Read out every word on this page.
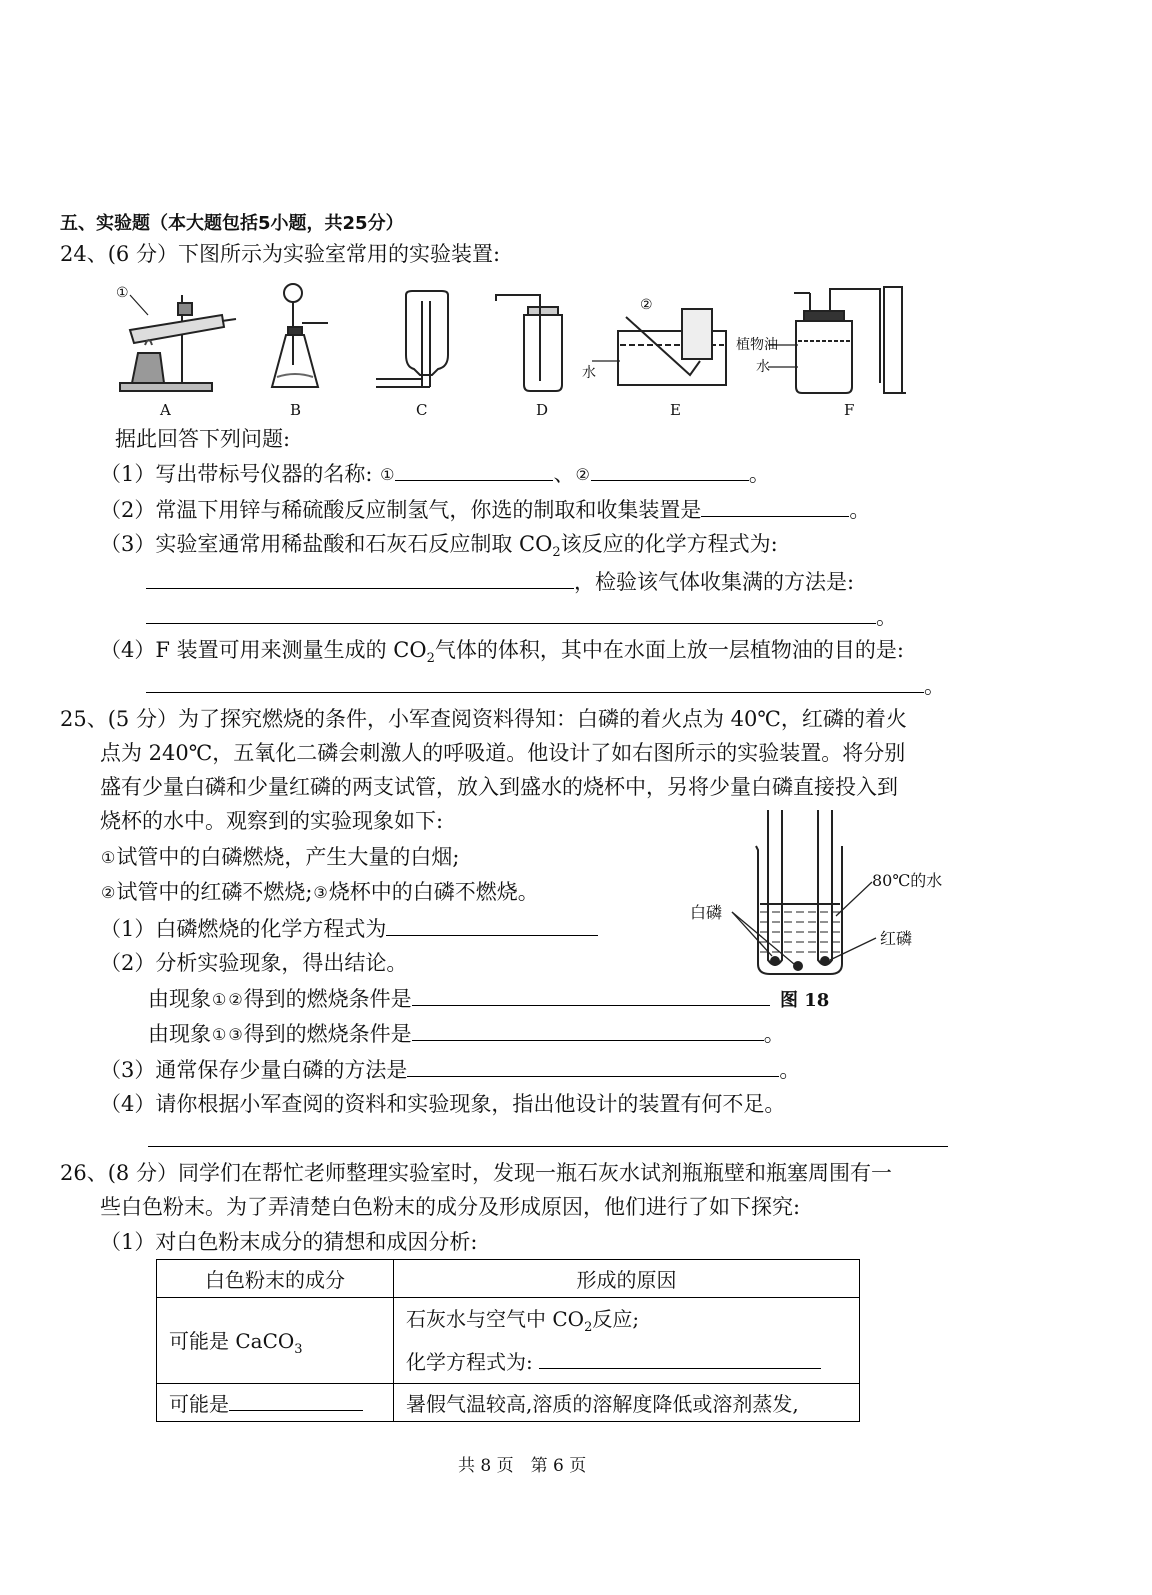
五、实验题（本大题包括5小题，共25分）
24、(6 分）下图所示为实验室常用的实验装置:
①
②
水
植物油
水
A	B	C	D	E	F
据此回答下列问题:
（1）写出带标号仪器的名称: ①	、②	。
（2）常温下用锌与稀硫酸反应制氢气，你选的制取和收集装置是	。
（3）实验室通常用稀盐酸和石灰石反应制取 $CO_2$该反应的化学方程式为:
，检验该气体收集满的方法是:
。
（4）F 装置可用来测量生成的 $CO_2$气体的体积，其中在水面上放一层植物油的目的是:
。
25、(5 分）为了探究燃烧的条件，小军查阅资料得知：白磷的着火点为 40℃，红磷的着火
点为 240℃，五氧化二磷会刺激人的呼吸道。他设计了如右图所示的实验装置。将分别
盛有少量白磷和少量红磷的两支试管，放入到盛水的烧杯中，另将少量白磷直接投入到
烧杯的水中。观察到的实验现象如下:
①试管中的白磷燃烧，产生大量的白烟;
②试管中的红磷不燃烧;③烧杯中的白磷不燃烧。
（1）白磷燃烧的化学方程式为
（2）分析实验现象，得出结论。
由现象① ②得到的燃烧条件是
由现象① ③得到的燃烧条件是	。
（3）通常保存少量白磷的方法是	。
（4）请你根据小军查阅的资料和实验现象，指出他设计的装置有何不足。
80℃的水
白磷
红磷
图 18
26、(8 分）同学们在帮忙老师整理实验室时，发现一瓶石灰水试剂瓶瓶壁和瓶塞周围有一
些白色粉末。为了弄清楚白色粉末的成分及形成原因，他们进行了如下探究:
（1）对白色粉末成分的猜想和成因分析:
白色粉末的成分	形成的原因
可能是 CaCO$_3$	石灰水与空气中 $CO_2$反应;
化学方程式为:

可能是	暑假气温较高,溶质的溶解度降低或溶剂蒸发,
共 8 页　第 6 页
